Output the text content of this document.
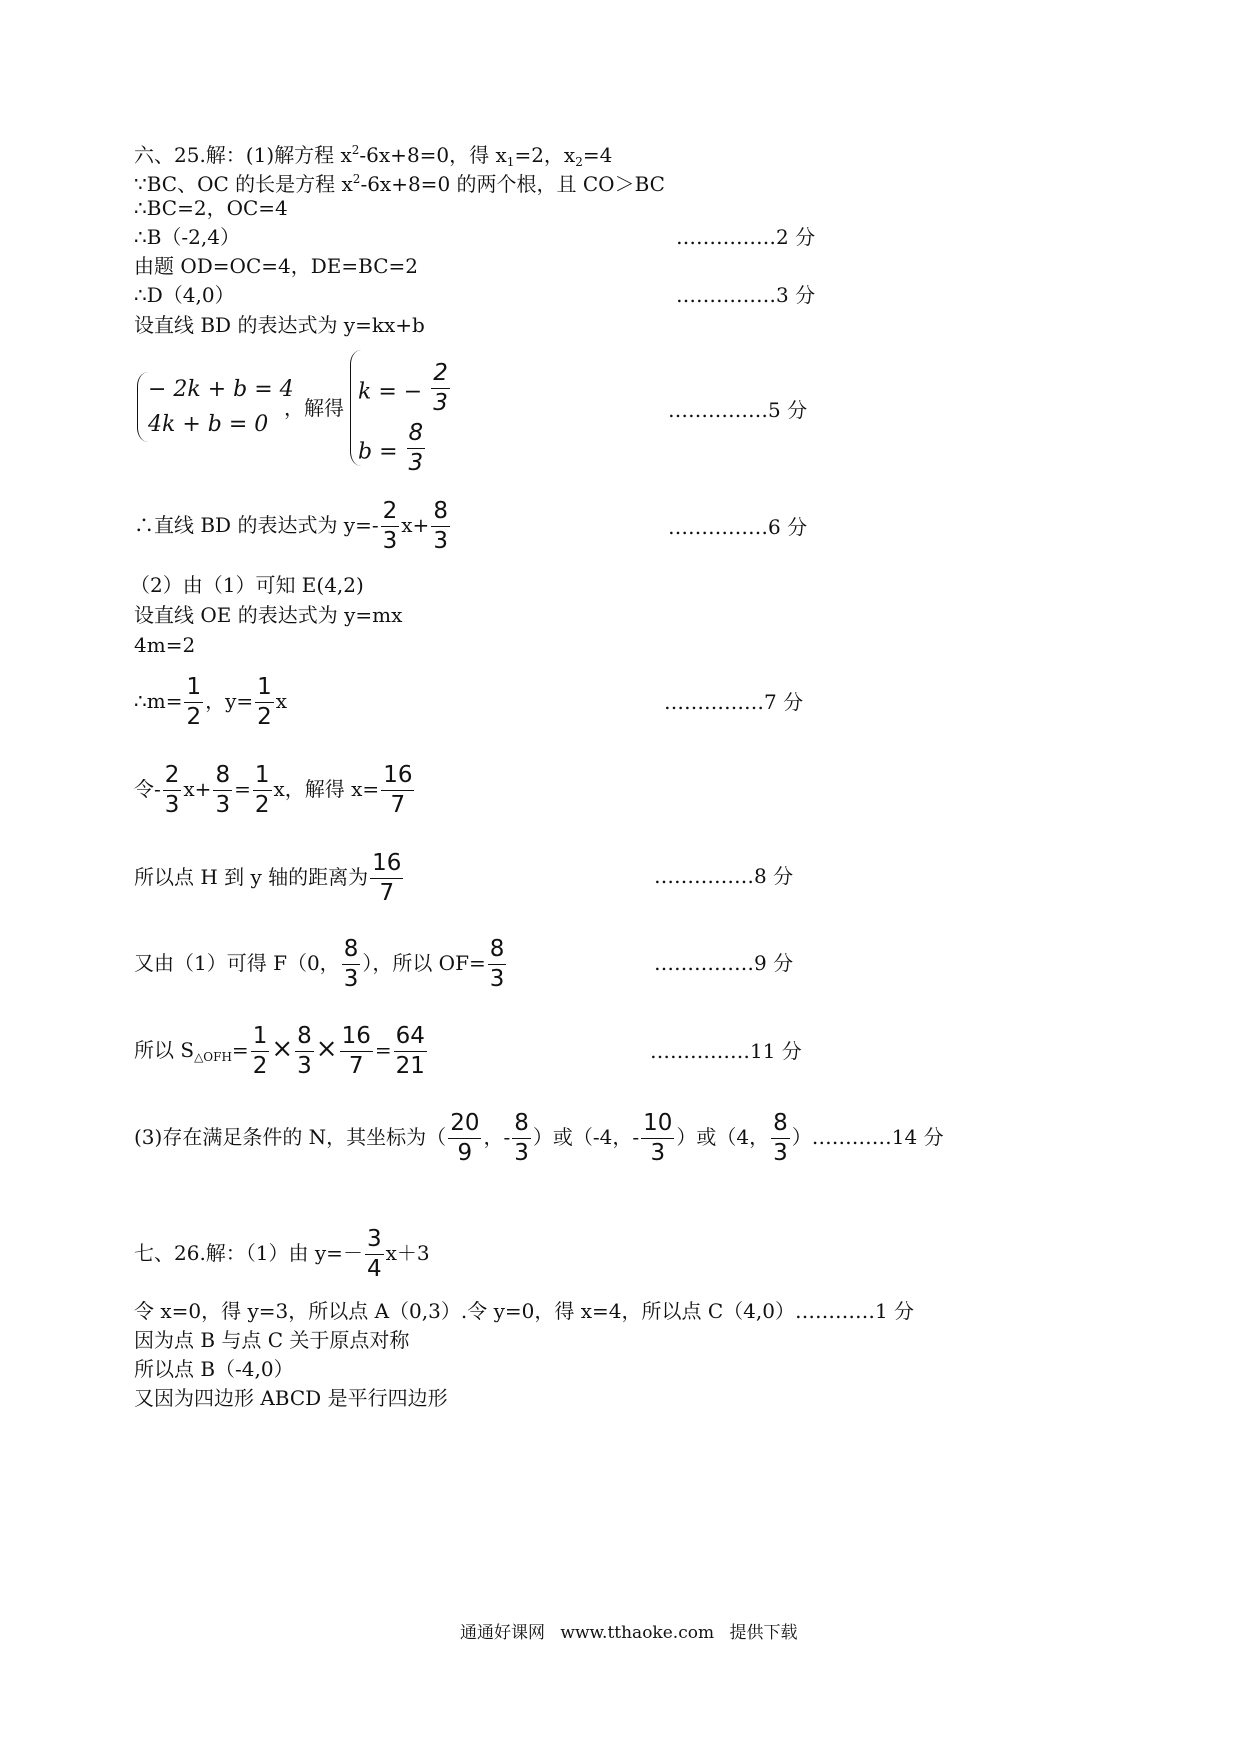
六、25.解：(1)解方程 $x^2-6x+8=0$，得 $x_1=2$，$x_2=4$
∵BC、OC 的长是方程 $x^2-6x+8=0$ 的两个根，且 CO＞BC
∴BC=2，OC=4
∴B（-2,4）	……………2 分
由题 OD=OC=4，DE=BC=2
∴D（4,0）	……………3 分
设直线 BD 的表达式为 y=kx+b
− 2k + b = 4
4k + b = 0
，解得
k = − $\frac{2}{3}$
$b = \frac{8}{3}$
……………5 分
∴直线 BD 的表达式为 $y=- \frac{2}{3} x+ \frac{8}{3}$	……………6 分
（2）由（1）可知 E(4,2)
设直线 OE 的表达式为 y=mx
4m=2
∴m= $\frac{1}{2}$ ，$y= \frac{1}{2}$ x	……………7 分
令- $\frac{2}{3} x+ \frac{8}{3} = \frac{1}{2}$ x，解得 $x= \frac{16}{7}$
所以点 H 到 y 轴的距离为 $\frac{16}{7}$	……………8 分
又由（1）可得 F（0， $\frac{8}{3}$ ），所以 $OF= \frac{8}{3}$	……………9 分
所以 $S_{\triangle OFH}= \frac{1}{2} \times \frac{8}{3} \times \frac{16}{7} = \frac{64}{21}$	……………11 分
(3)存在满足条件的 N，其坐标为（ $\frac{20}{9}$ ，- $\frac{8}{3}$ ）或（-4，- $\frac{10}{3}$ ）或（4， $\frac{8}{3}$ ）…………14 分
七、26.解：（1）由 $y=- \frac{3}{4} x+3$
令 x=0，得 y=3，所以点 A（0,3）.令 y=0，得 x=4，所以点 C（4,0）…………1 分
因为点 B 与点 C 关于原点对称
所以点 B（-4,0）
又因为四边形 ABCD 是平行四边形
通通好课网 www.tthaoke.com 提供下载
